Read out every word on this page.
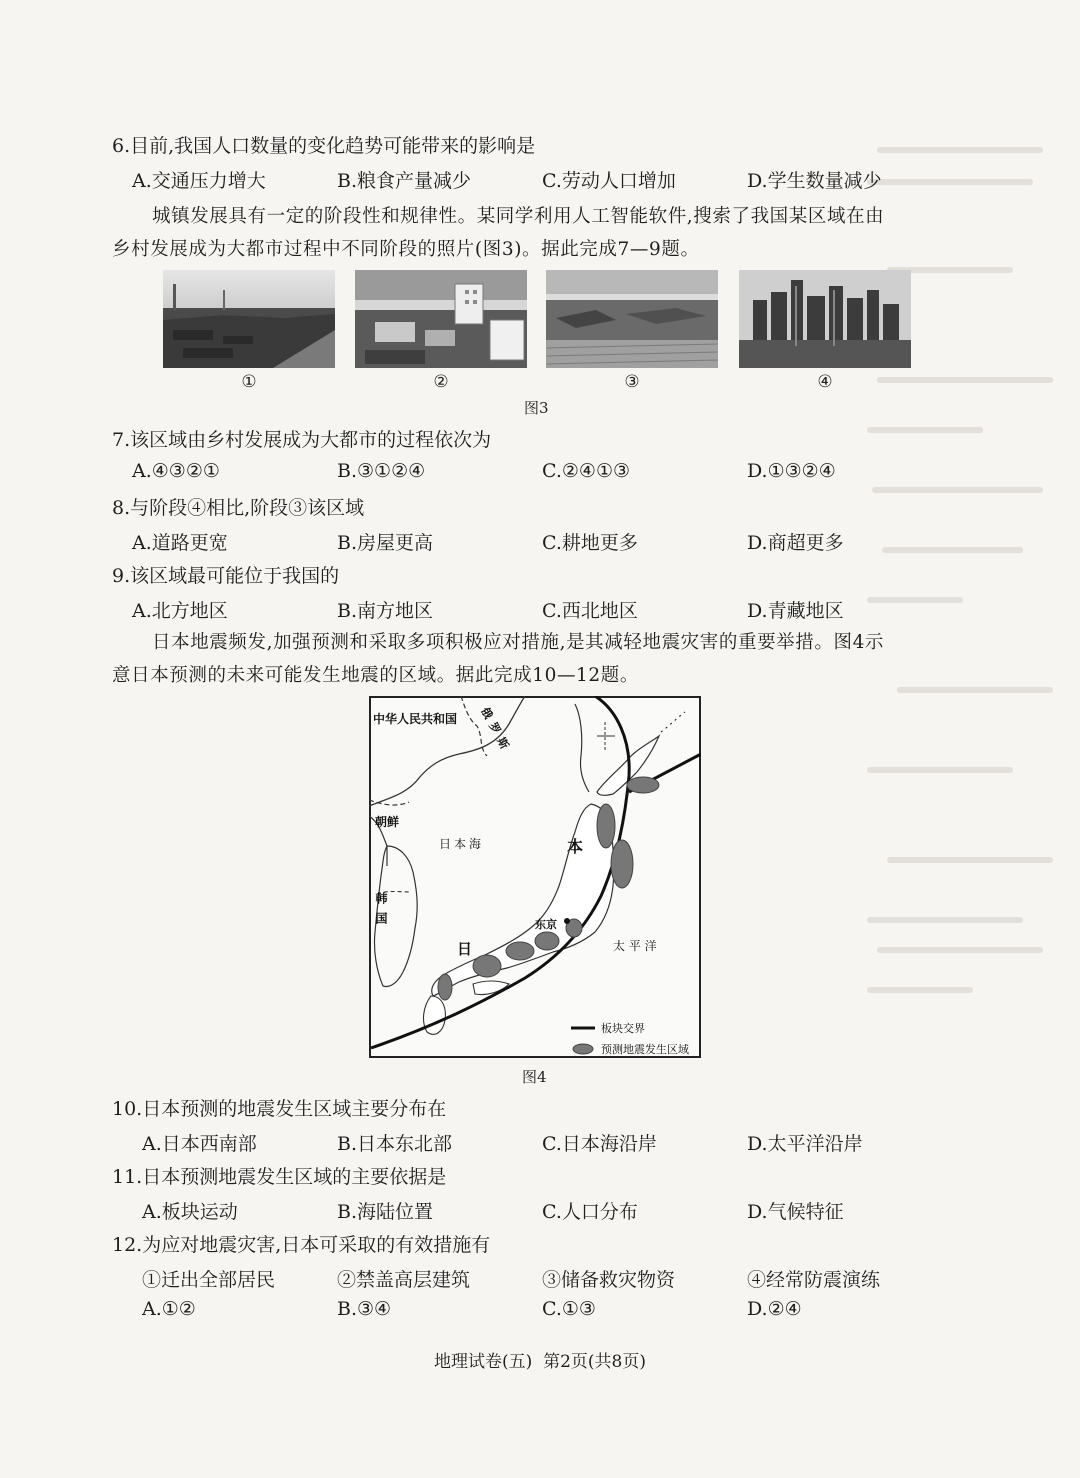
6.目前,我国人口数量的变化趋势可能带来的影响是
A.交通压力增大	B.粮食产量减少	C.劳动人口增加	D.学生数量减少
城镇发展具有一定的阶段性和规律性。某同学利用人工智能软件,搜索了我国某区域在由
乡村发展成为大都市过程中不同阶段的照片(图3)。据此完成7—9题。
①	②	③	④
图3
7.该区域由乡村发展成为大都市的过程依次为
A.④③②①	B.③①②④	C.②④①③	D.①③②④
8.与阶段④相比,阶段③该区域
A.道路更宽	B.房屋更高	C.耕地更多	D.商超更多
9.该区域最可能位于我国的
A.北方地区	B.南方地区	C.西北地区	D.青藏地区
日本地震频发,加强预测和采取多项积极应对措施,是其减轻地震灾害的重要举措。图4示
意日本预测的未来可能发生地震的区域。据此完成10—12题。
中华人民共和国 俄罗斯
朝鲜
韩国
日本海	本
日
东京
太 平 洋
板块交界
预测地震发生区域
图4
10.日本预测的地震发生区域主要分布在
A.日本西南部	B.日本东北部	C.日本海沿岸	D.太平洋沿岸
11.日本预测地震发生区域的主要依据是
A.板块运动	B.海陆位置	C.人口分布	D.气候特征
12.为应对地震灾害,日本可采取的有效措施有
①迁出全部居民	②禁盖高层建筑	③储备救灾物资	④经常防震演练
A.①②	B.③④	C.①③	D.②④
地理试卷(五)  第2页(共8页)
